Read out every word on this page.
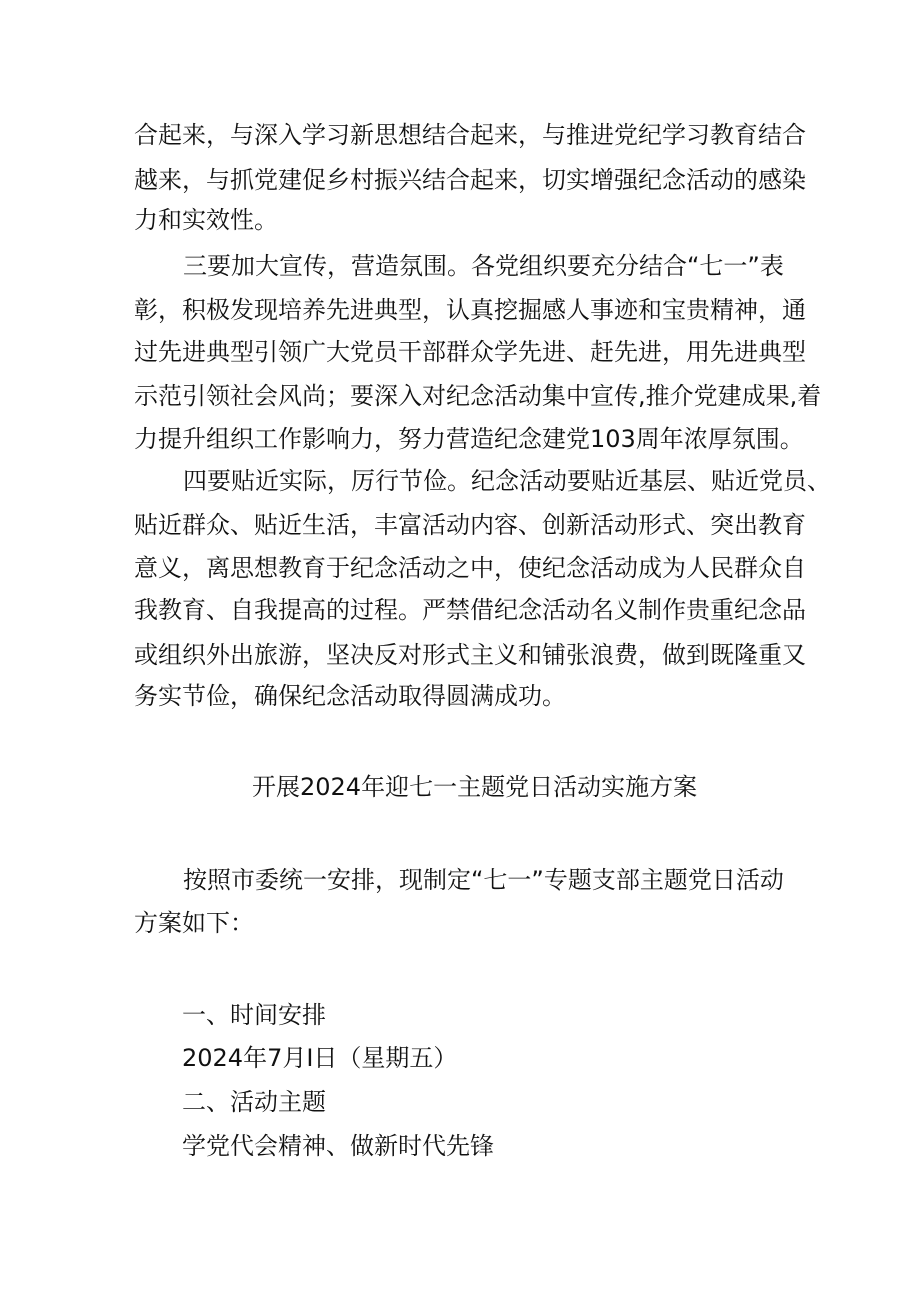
合起来，与深入学习新思想结合起来，与推进党纪学习教育结合
越来，与抓党建促乡村振兴结合起来，切实增强纪念活动的感染
力和实效性。
三要加大宣传，营造氛围。各党组织要充分结合“七一”表
彰，积极发现培养先进典型，认真挖掘感人事迹和宝贵精神，通
过先进典型引领广大党员干部群众学先进、赶先进，用先进典型
示范引领社会风尚；要深入对纪念活动集中宣传,推介党建成果,着
力提升组织工作影响力，努力营造纪念建党103周年浓厚氛围。
四要贴近实际，厉行节俭。纪念活动要贴近基层、贴近党员、
贴近群众、贴近生活，丰富活动内容、创新活动形式、突出教育
意义，离思想教育于纪念活动之中，使纪念活动成为人民群众自
我教育、自我提高的过程。严禁借纪念活动名义制作贵重纪念品
或组织外出旅游，坚决反对形式主义和铺张浪费，做到既隆重又
务实节俭，确保纪念活动取得圆满成功。
开展2024年迎七一主题党日活动实施方案
按照市委统一安排，现制定“七一”专题支部主题党日活动
方案如下：
一、时间安排
2024年7月I日（星期五）
二、活动主题
学党代会精神、做新时代先锋
